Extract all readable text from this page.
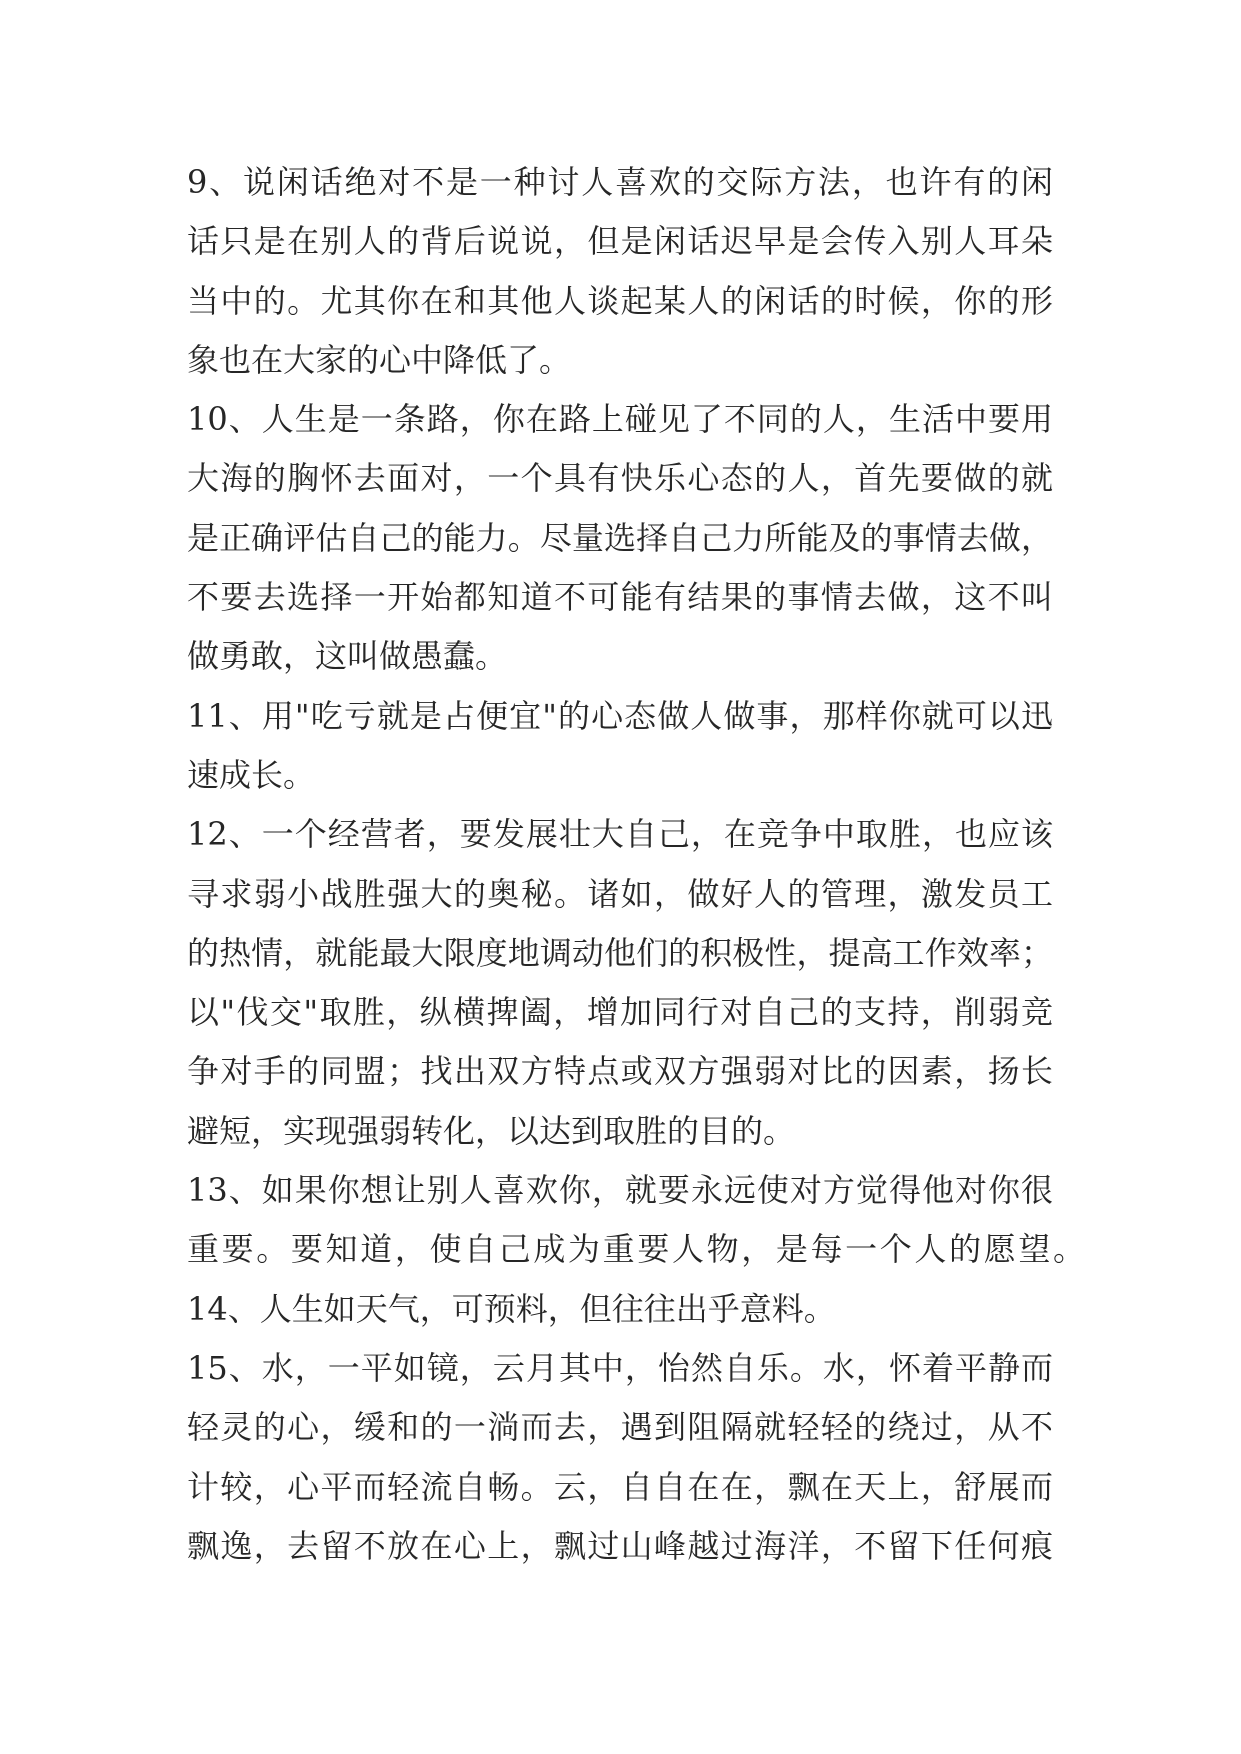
9、说闲话绝对不是一种讨人喜欢的交际方法，也许有的闲
话只是在别人的背后说说，但是闲话迟早是会传入别人耳朵
当中的。尤其你在和其他人谈起某人的闲话的时候，你的形
象也在大家的心中降低了。
10、人生是一条路，你在路上碰见了不同的人，生活中要用
大海的胸怀去面对，一个具有快乐心态的人，首先要做的就
是正确评估自己的能力。尽量选择自己力所能及的事情去做，
不要去选择一开始都知道不可能有结果的事情去做，这不叫
做勇敢，这叫做愚蠢。
11、用"吃亏就是占便宜"的心态做人做事，那样你就可以迅
速成长。
12、一个经营者，要发展壮大自己，在竞争中取胜，也应该
寻求弱小战胜强大的奥秘。诸如，做好人的管理，激发员工
的热情，就能最大限度地调动他们的积极性，提高工作效率；
以"伐交"取胜，纵横捭阖，增加同行对自己的支持，削弱竞
争对手的同盟；找出双方特点或双方强弱对比的因素，扬长
避短，实现强弱转化，以达到取胜的目的。
13、如果你想让别人喜欢你，就要永远使对方觉得他对你很
重要。要知道，使自己成为重要人物，是每一个人的愿望。
14、人生如天气，可预料，但往往出乎意料。
15、水，一平如镜，云月其中，怡然自乐。水，怀着平静而
轻灵的心，缓和的一淌而去，遇到阻隔就轻轻的绕过，从不
计较，心平而轻流自畅。云，自自在在，飘在天上，舒展而
飘逸，去留不放在心上，飘过山峰越过海洋，不留下任何痕
